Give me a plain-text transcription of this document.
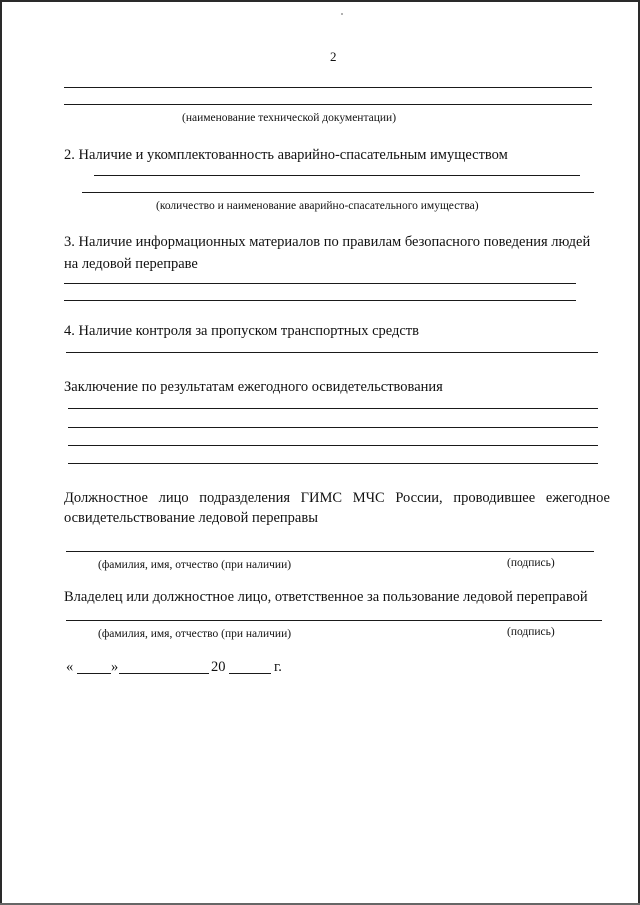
2
(наименование технической документации)
2. Наличие и укомплектованность аварийно-спасательным имуществом
(количество и наименование аварийно-спасательного имущества)
3. Наличие информационных материалов по правилам безопасного поведения людей
на ледовой переправе
4. Наличие контроля за пропуском транспортных средств
Заключение по результатам ежегодного освидетельствования
Должностное лицо подразделения ГИМС МЧС России, проводившее ежегодное
освидетельствование ледовой переправы
(фамилия, имя, отчество (при наличии)	(подпись)
Владелец или должностное лицо, ответственное за пользование ледовой переправой
(фамилия, имя, отчество (при наличии)	(подпись)
«	»	20	г.
